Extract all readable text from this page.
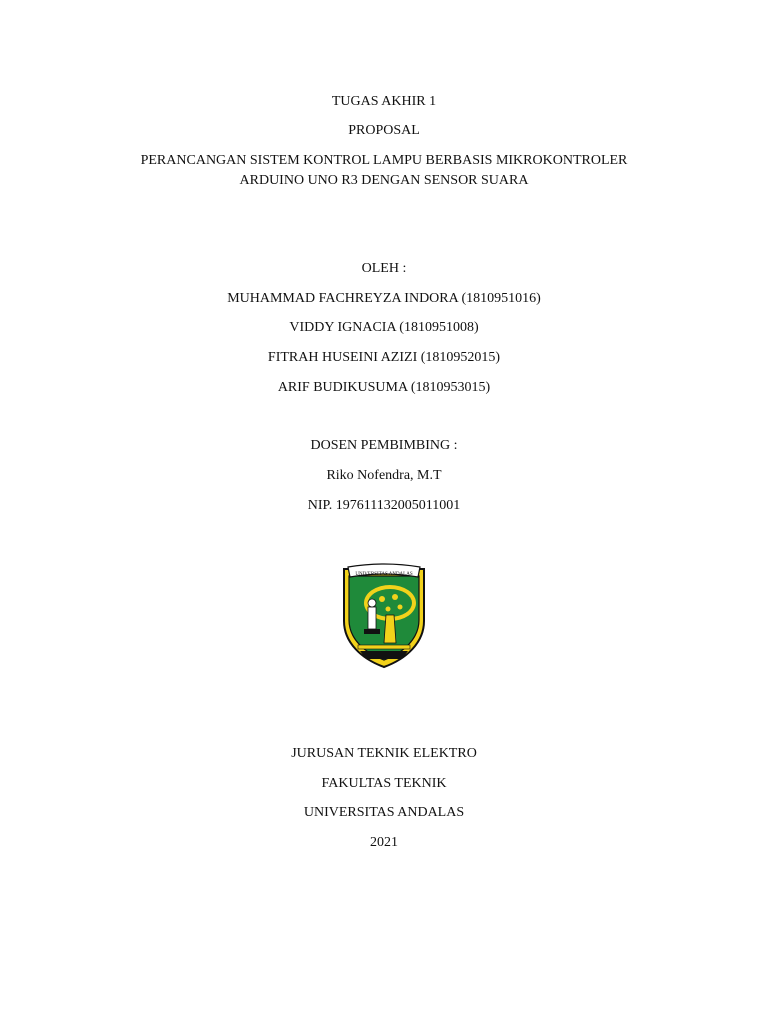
TUGAS AKHIR 1
PROPOSAL
PERANCANGAN SISTEM KONTROL LAMPU BERBASIS MIKROKONTROLER
ARDUINO UNO R3 DENGAN SENSOR SUARA
OLEH :
MUHAMMAD FACHREYZA INDORA (1810951016)
VIDDY IGNACIA (1810951008)
FITRAH HUSEINI AZIZI (1810952015)
ARIF BUDIKUSUMA (1810953015)
DOSEN PEMBIMBING :
Riko Nofendra, M.T
NIP. 197611132005011001
UNIVERSITAS ANDALAS
JURUSAN TEKNIK ELEKTRO
FAKULTAS TEKNIK
UNIVERSITAS ANDALAS
2021
